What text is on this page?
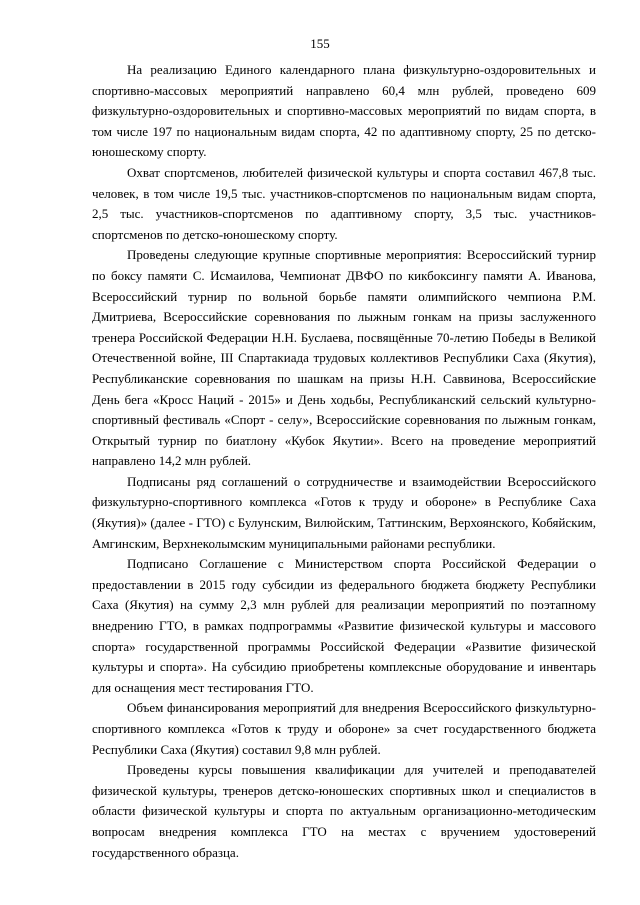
155

На реализацию Единого календарного плана физкультурно-оздоровительных и спортивно-массовых мероприятий направлено 60,4 млн рублей, проведено 609 физкультурно-оздоровительных и спортивно-массовых мероприятий по видам спорта, в том числе 197 по национальным видам спорта, 42 по адаптивному спорту, 25 по детско-юношескому спорту.

Охват спортсменов, любителей физической культуры и спорта составил 467,8 тыс. человек, в том числе 19,5 тыс. участников-спортсменов по национальным видам спорта, 2,5 тыс. участников-спортсменов по адаптивному спорту, 3,5 тыс. участников-спортсменов по детско-юношескому спорту.

Проведены следующие крупные спортивные мероприятия: Всероссийский турнир по боксу памяти С. Исмаилова, Чемпионат ДВФО по кикбоксингу памяти А. Иванова, Всероссийский турнир по вольной борьбе памяти олимпийского чемпиона Р.М. Дмитриева, Всероссийские соревнования по лыжным гонкам на призы заслуженного тренера Российской Федерации Н.Н. Буслаевa, посвящённые 70-летию Победы в Великой Отечественной войне, III Спартакиада трудовых коллективов Республики Саха (Якутия), Республиканские соревнования по шашкам на призы Н.Н. Саввинова, Всероссийские День бега «Кросс Наций - 2015» и День ходьбы, Республиканский сельский культурно-спортивный фестиваль «Спорт - селу», Всероссийские соревнования по лыжным гонкам, Открытый турнир по биатлону «Кубок Якутии». Всего на проведение мероприятий направлено 14,2 млн рублей.

Подписаны ряд соглашений о сотрудничестве и взаимодействии Всероссийского физкультурно-спортивного комплекса «Готов к труду и обороне» в Республике Саха (Якутия)» (далее - ГТО) с Булунским, Вилюйским, Таттинским, Верхоянского, Кобяйским, Амгинским, Верхнеколымским муниципальными районами республики.

Подписано Соглашение с Министерством спорта Российской Федерации о предоставлении в 2015 году субсидии из федерального бюджета бюджету Республики Саха (Якутия) на сумму 2,3 млн рублей для реализации мероприятий по поэтапному внедрению ГТО, в рамках подпрограммы «Развитие физической культуры и массового спорта» государственной программы Российской Федерации «Развитие физической культуры и спорта». На субсидию приобретены комплексные оборудование и инвентарь для оснащения мест тестирования ГТО.

Объем финансирования мероприятий для внедрения Всероссийского физкультурно-спортивного комплекса «Готов к труду и обороне» за счет государственного бюджета Республики Саха (Якутия) составил 9,8 млн рублей.

Проведены курсы повышения квалификации для учителей и преподавателей физической культуры, тренеров детско-юношеских спортивных школ и специалистов в области физической культуры и спорта по актуальным организационно-методическим вопросам внедрения комплекса ГТО на местах с вручением удостоверений государственного образца.
